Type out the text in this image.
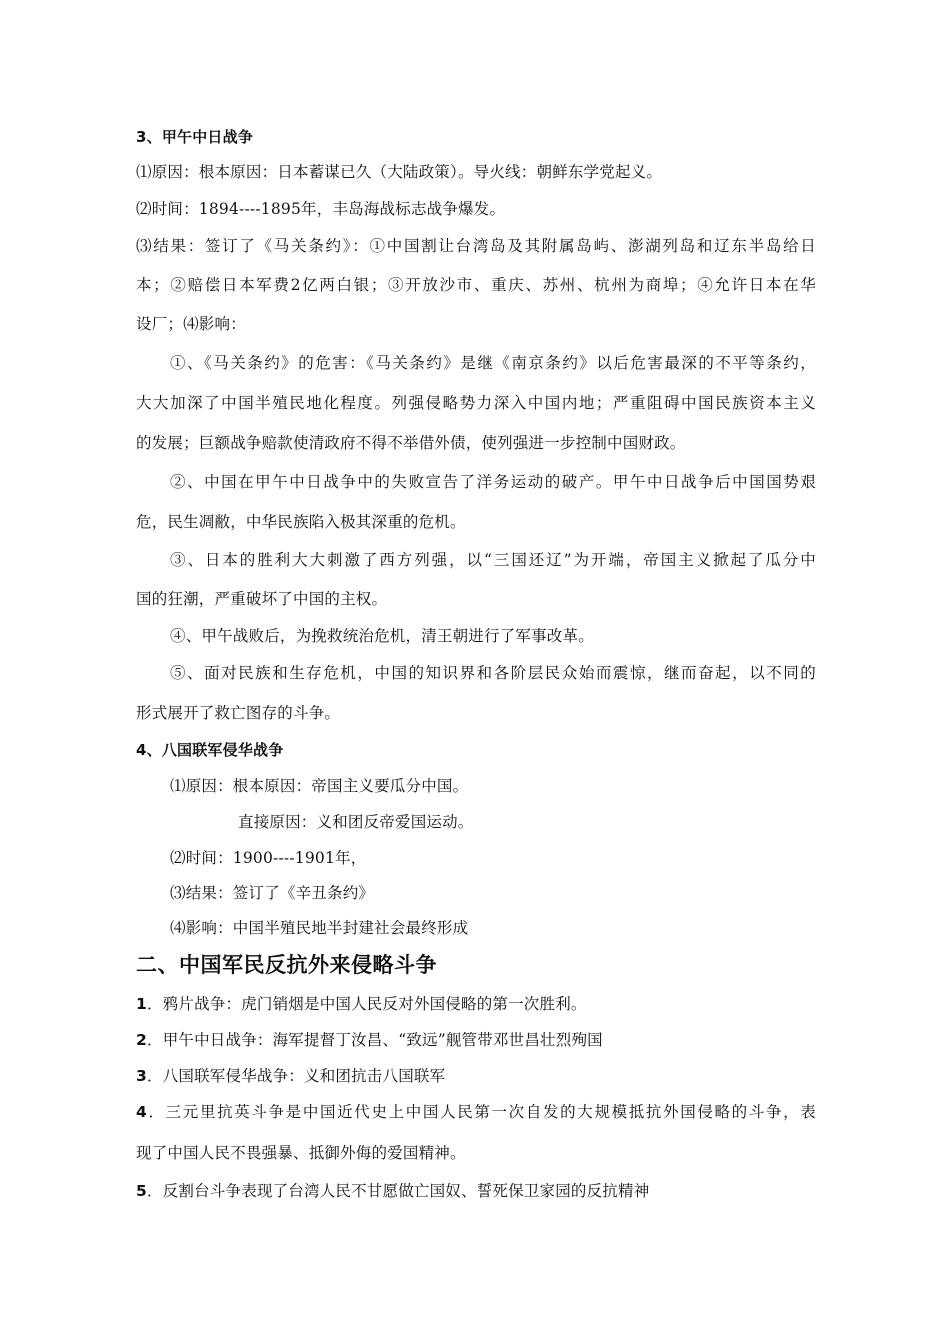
3、甲午中日战争
⑴原因：根本原因：日本蓄谋已久（大陆政策）。导火线：朝鲜东学党起义。
⑵时间：1894----1895年，丰岛海战标志战争爆发。
⑶结果：签订了《马关条约》：①中国割让台湾岛及其附属岛屿、澎湖列岛和辽东半岛给日
本；②赔偿日本军费2亿两白银；③开放沙市、重庆、苏州、杭州为商埠；④允许日本在华
设厂；⑷影响：
①、《马关条约》的危害：《马关条约》是继《南京条约》以后危害最深的不平等条约，
大大加深了中国半殖民地化程度。列强侵略势力深入中国内地；严重阻碍中国民族资本主义
的发展；巨额战争赔款使清政府不得不举借外债，使列强进一步控制中国财政。
②、中国在甲午中日战争中的失败宣告了洋务运动的破产。甲午中日战争后中国国势艰
危，民生凋敝，中华民族陷入极其深重的危机。
③、日本的胜利大大刺激了西方列强，以“三国还辽”为开端，帝国主义掀起了瓜分中
国的狂潮，严重破坏了中国的主权。
④、甲午战败后，为挽救统治危机，清王朝进行了军事改革。
⑤、面对民族和生存危机，中国的知识界和各阶层民众始而震惊，继而奋起，以不同的
形式展开了救亡图存的斗争。
4、八国联军侵华战争
⑴原因：根本原因：帝国主义要瓜分中国。
直接原因：义和团反帝爱国运动。
⑵时间：1900----1901年，
⑶结果：签订了《辛丑条约》
⑷影响：中国半殖民地半封建社会最终形成
二、中国军民反抗外来侵略斗争
1．鸦片战争：虎门销烟是中国人民反对外国侵略的第一次胜利。
2．甲午中日战争：海军提督丁汝昌、“致远”舰管带邓世昌壮烈殉国
3．八国联军侵华战争：义和团抗击八国联军
4．三元里抗英斗争是中国近代史上中国人民第一次自发的大规模抵抗外国侵略的斗争，表
现了中国人民不畏强暴、抵御外侮的爱国精神。
5．反割台斗争表现了台湾人民不甘愿做亡国奴、誓死保卫家园的反抗精神
